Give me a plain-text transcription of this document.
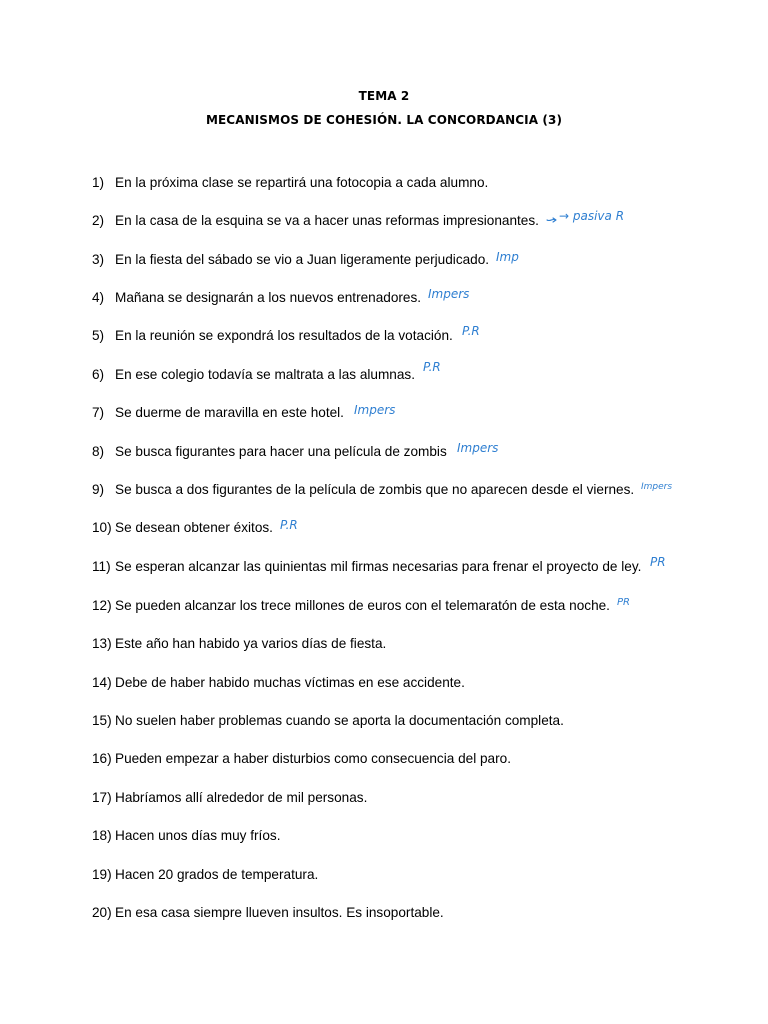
TEMA 2
MECANISMOS DE COHESIÓN. LA CONCORDANCIA (3)
1) En la próxima clase se repartirá una fotocopia a cada alumno.
2) En la casa de la esquina se va a hacer unas reformas impresionantes. → pasiva R
3) En la fiesta del sábado se vio a Juan ligeramente perjudicado. Imp
4) Mañana se designarán a los nuevos entrenadores. Impers
5) En la reunión se expondrá los resultados de la votación. P.R
6) En ese colegio todavía se maltrata a las alumnas. P.R
7) Se duerme de maravilla en este hotel. Impers
8) Se busca figurantes para hacer una película de zombis Impers
9) Se busca a dos figurantes de la película de zombis que no aparecen desde el viernes. Impers
10) Se desean obtener éxitos. P.R
11) Se esperan alcanzar las quinientas mil firmas necesarias para frenar el proyecto de ley. PR
12) Se pueden alcanzar los trece millones de euros con el telemaratón de esta noche. PR
13) Este año han habido ya varios días de fiesta.
14) Debe de haber habido muchas víctimas en ese accidente.
15) No suelen haber problemas cuando se aporta la documentación completa.
16) Pueden empezar a haber disturbios como consecuencia del paro.
17) Habríamos allí alrededor de mil personas.
18) Hacen unos días muy fríos.
19) Hacen 20 grados de temperatura.
20) En esa casa siempre llueven insultos. Es insoportable.
